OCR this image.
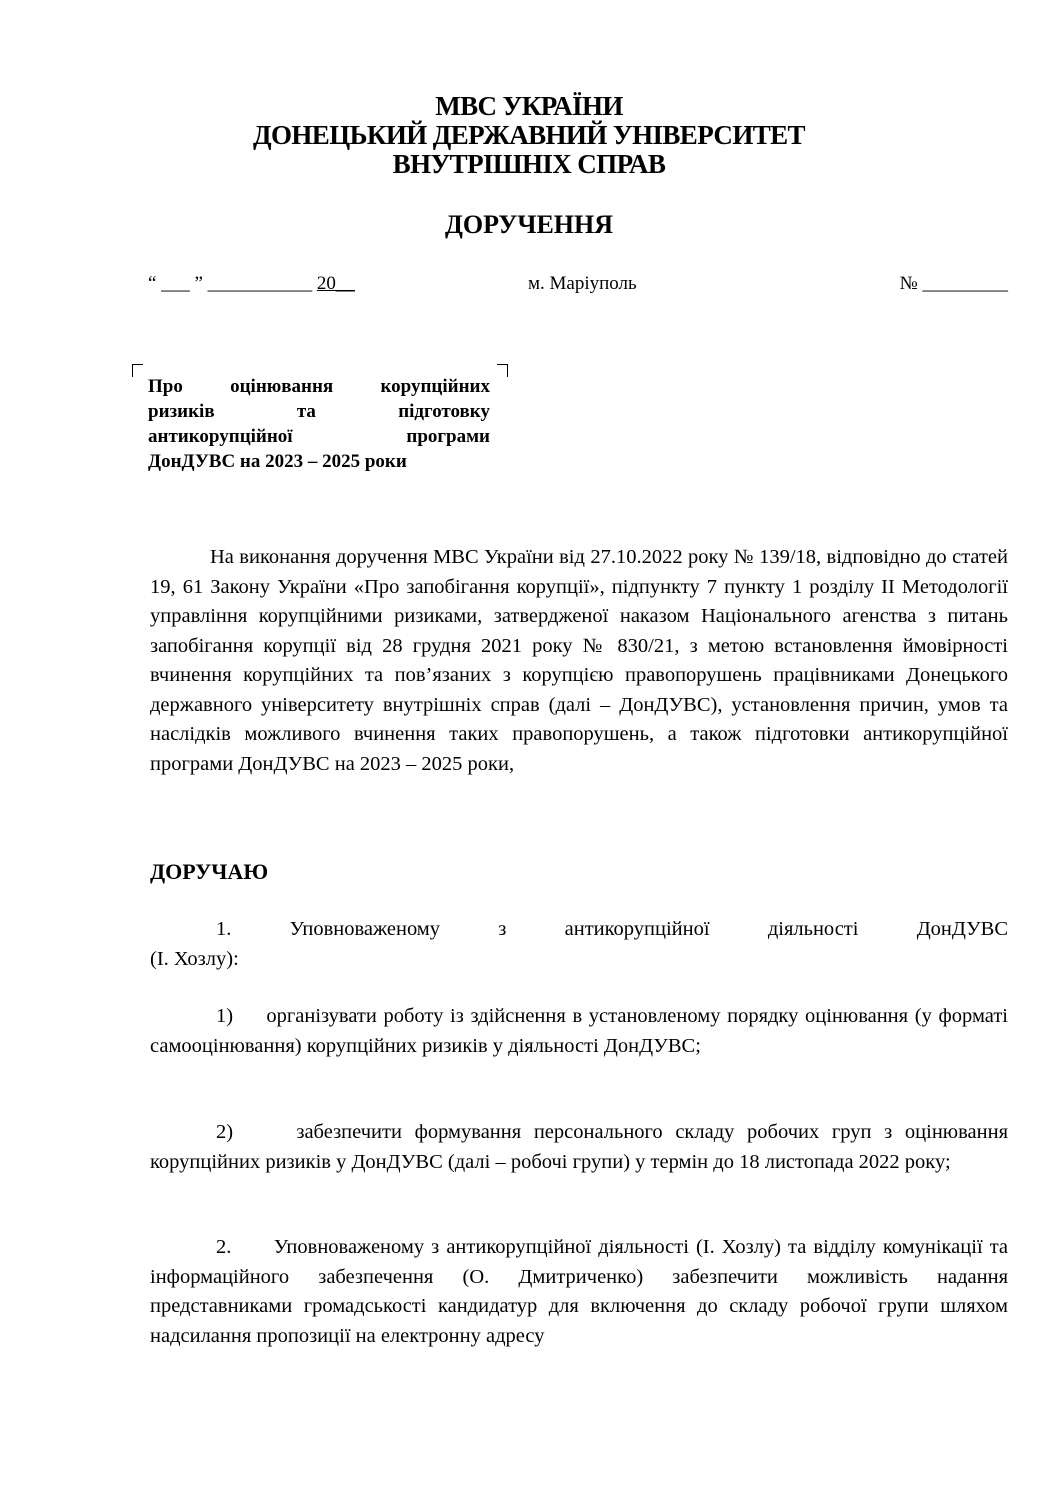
МВС УКРАЇНИ
ДОНЕЦЬКИЙ ДЕРЖАВНИЙ УНІВЕРСИТЕТ
ВНУТРІШНІХ СПРАВ
ДОРУЧЕННЯ
“ ___ ” ___________ 20__	м. Маріуполь	№ _________
Про оцінювання корупційних
ризиків та підготовку
антикорупційної програми
ДонДУВС на 2023 – 2025 роки
На виконання доручення МВС України від 27.10.2022 року № 139/18, відповідно до статей 19, 61 Закону України «Про запобігання корупції», підпункту 7 пункту 1 розділу ІІ Методології управління корупційними ризиками, затвердженої наказом Національного агенства з питань запобігання корупції від 28 грудня 2021 року № 830/21, з метою встановлення ймовірності вчинення корупційних та пов’язаних з корупцією правопорушень працівниками Донецького державного університету внутрішніх справ (далі – ДонДУВС), установлення причин, умов та наслідків можливого вчинення таких правопорушень, а також підготовки антикорупційної програми ДонДУВС на 2023 – 2025 роки,
ДОРУЧАЮ
1.	Уповноваженому з антикорупційної діяльності ДонДУВС (І. Хозлу):
1) організувати роботу із здійснення в установленому порядку оцінювання (у форматі самооцінювання) корупційних ризиків у діяльності ДонДУВС;
2)	забезпечити формування персонального складу робочих груп з оцінювання корупційних ризиків у ДонДУВС (далі – робочі групи) у термін до 18 листопада 2022 року;
2. Уповноваженому з антикорупційної діяльності (І. Хозлу) та відділу комунікації та інформаційного забезпечення (О. Дмитриченко) забезпечити можливість надання представниками громадськості кандидатур для включення до складу робочої групи шляхом надсилання пропозиції на електронну адресу
